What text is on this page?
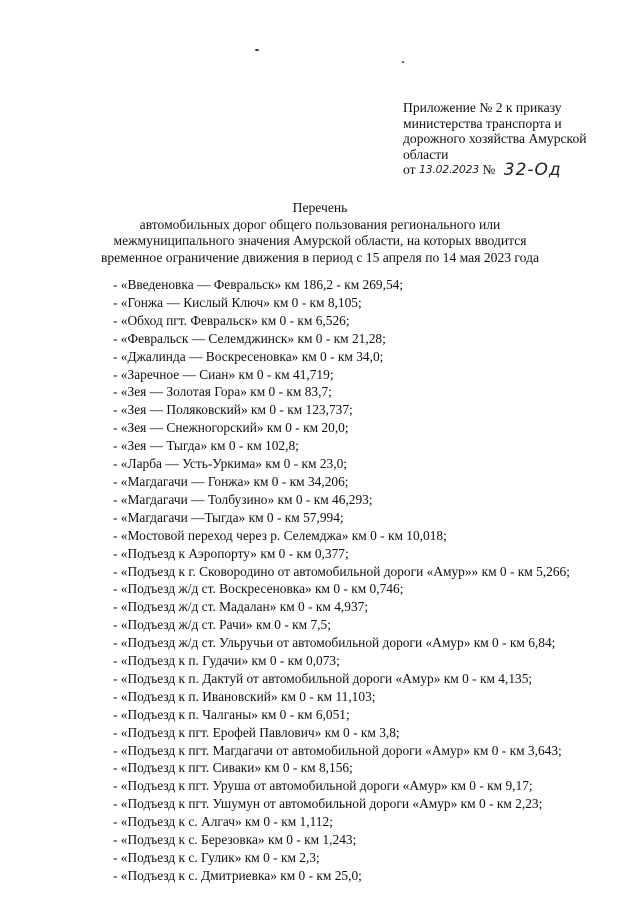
Приложение № 2 к приказу
министерства транспорта и
дорожного хозяйства Амурской
области
от 13.02.2023 № 32-Од
Перечень
автомобильных дорог общего пользования регионального или
межмуниципального значения Амурской области, на которых вводится
временное ограничение движения в период с 15 апреля по 14 мая 2023 года
- «Введеновка — Февральск» км 186,2 - км 269,54;
- «Гонжа — Кислый Ключ» км 0 - км 8,105;
- «Обход пгт. Февральск» км 0 - км 6,526;
- «Февральск — Селемджинск» км 0 - км 21,28;
- «Джалинда — Воскресеновка» км 0 - км 34,0;
- «Заречное — Сиан» км 0 - км 41,719;
- «Зея — Золотая Гора» км 0 - км 83,7;
- «Зея — Поляковский» км 0 - км 123,737;
- «Зея — Снежногорский» км 0 - км 20,0;
- «Зея — Тыгда» км 0 - км 102,8;
- «Ларба — Усть-Уркима» км 0 - км 23,0;
- «Магдагачи — Гонжа» км 0 - км 34,206;
- «Магдагачи — Толбузино» км 0 - км 46,293;
- «Магдагачи —Тыгда» км 0 - км 57,994;
- «Мостовой переход через р. Селемджа» км 0 - км 10,018;
- «Подъезд к Аэропорту» км 0 - км 0,377;
- «Подъезд к г. Сковородино от автомобильной дороги «Амур»» км 0 - км 5,266;
- «Подъезд ж/д ст. Воскресеновка» км 0 - км 0,746;
- «Подъезд ж/д ст. Мадалан» км 0 - км 4,937;
- «Подъезд ж/д ст. Рачи» км 0 - км 7,5;
- «Подъезд ж/д ст. Ульручьи от автомобильной дороги «Амур» км 0 - км 6,84;
- «Подъезд к п. Гудачи» км 0 - км 0,073;
- «Подъезд к п. Дактуй от автомобильной дороги «Амур» км 0 - км 4,135;
- «Подъезд к п. Ивановский» км 0 - км 11,103;
- «Подъезд к п. Чалганы» км 0 - км 6,051;
- «Подъезд к пгт. Ерофей Павлович» км 0 - км 3,8;
- «Подъезд к пгт. Магдагачи от автомобильной дороги «Амур» км 0 - км 3,643;
- «Подъезд к пгт. Сиваки» км 0 - км 8,156;
- «Подъезд к пгт. Уруша от автомобильной дороги «Амур» км 0 - км 9,17;
- «Подъезд к пгт. Ушумун от автомобильной дороги «Амур» км 0 - км 2,23;
- «Подъезд к с. Алгач» км 0 - км 1,112;
- «Подъезд к с. Березовка» км 0 - км 1,243;
- «Подъезд к с. Гулик» км 0 - км 2,3;
- «Подъезд к с. Дмитриевка» км 0 - км 25,0;
